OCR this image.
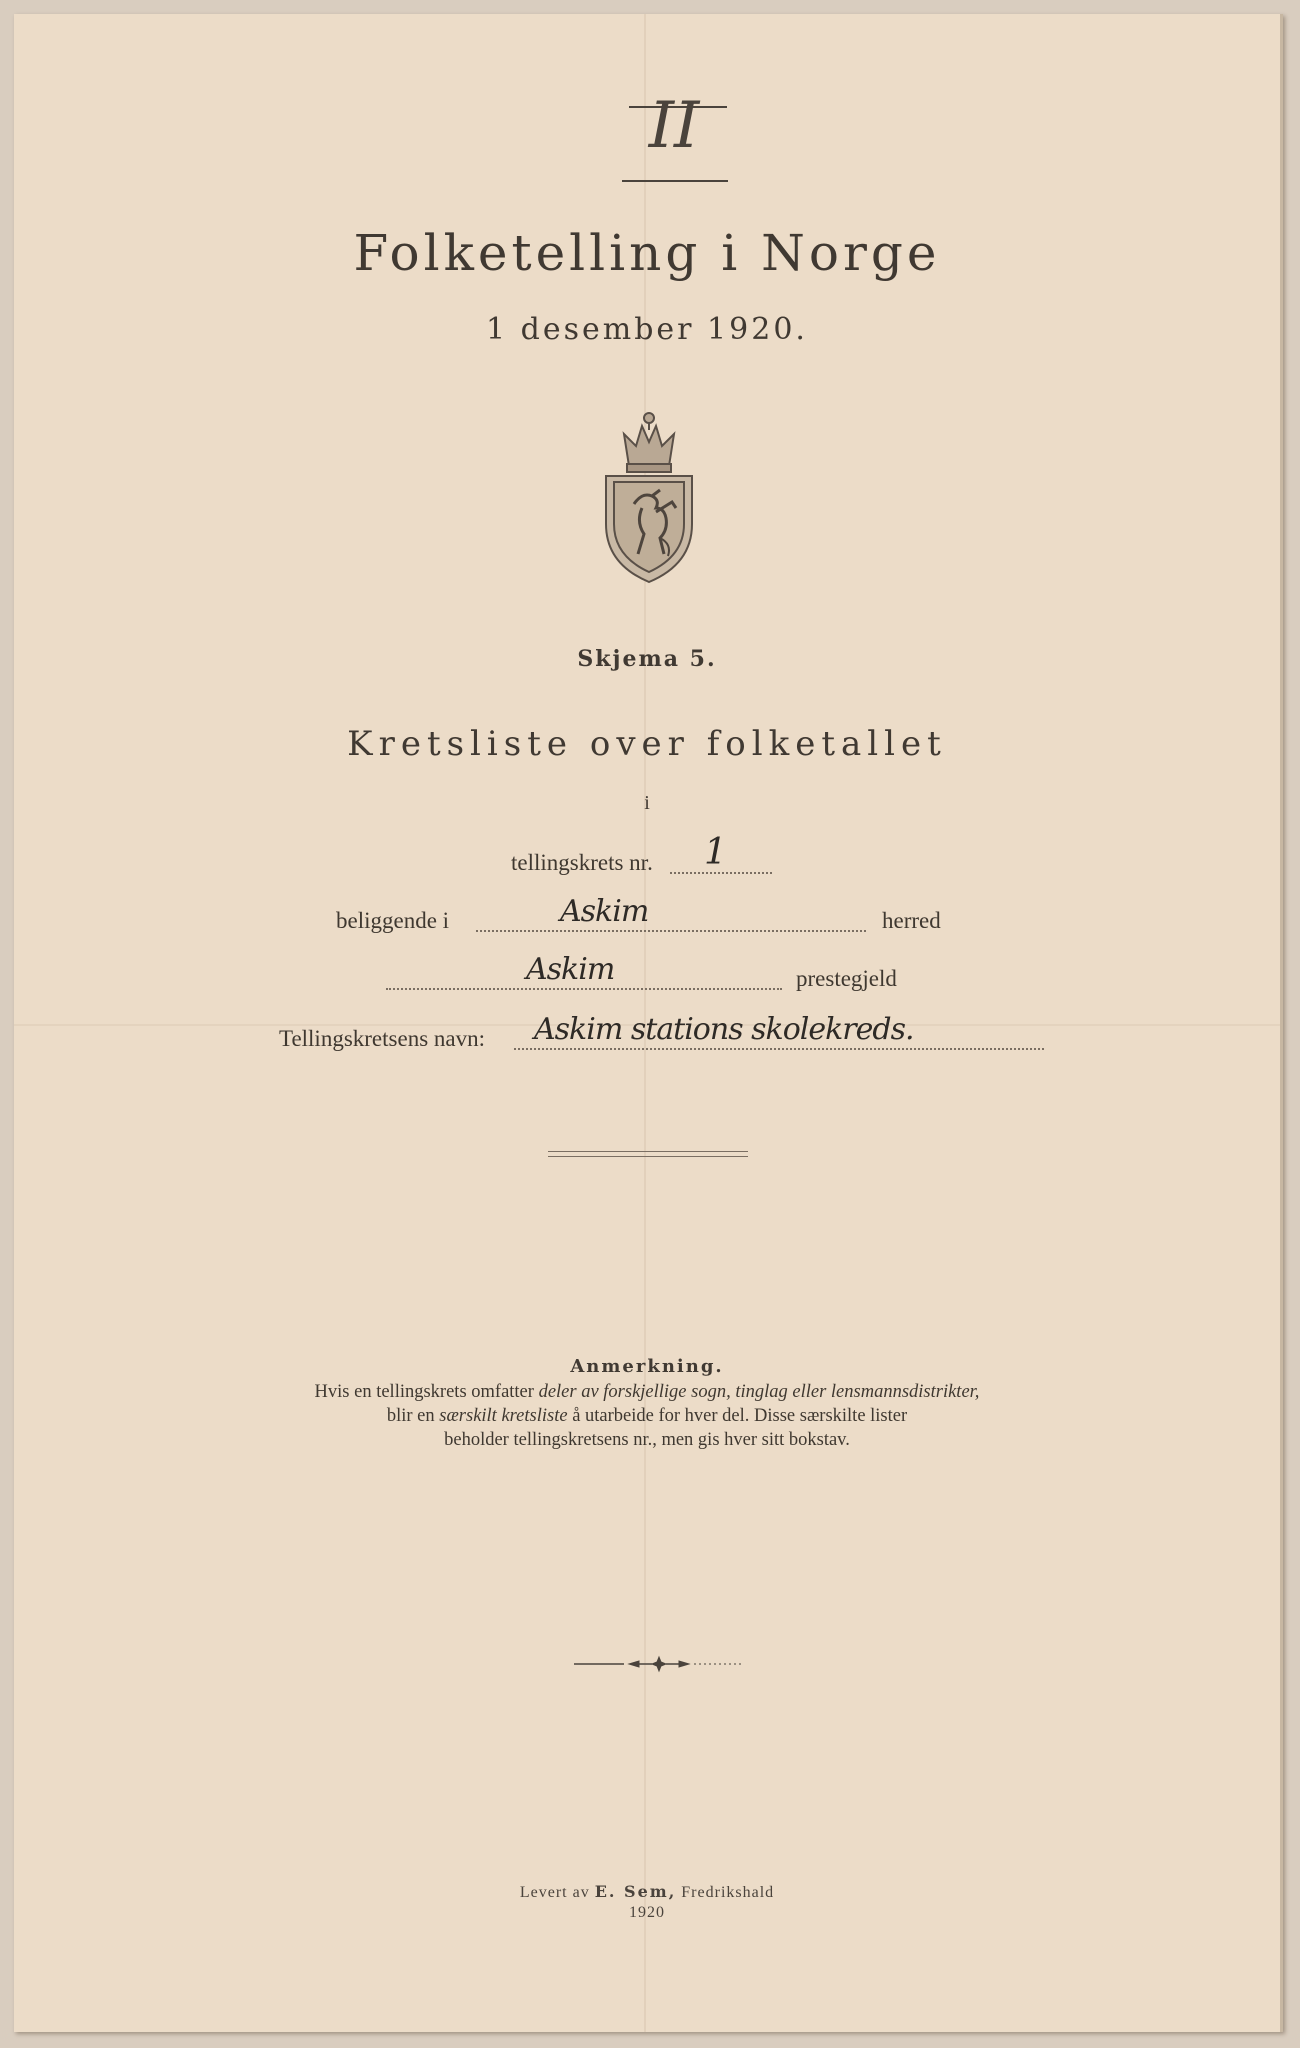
II
Folketelling i Norge
1 desember 1920.
Skjema 5.
Kretsliste over folketallet
i
tellingskrets nr. 1
beliggende i	Askim	herred
Askim	prestegjeld
Tellingskretsens navn: Askim stations skolekreds.
Anmerkning.
Hvis en tellingskrets omfatter deler av forskjellige sogn, tinglag eller lensmannsdistrikter,
blir en særskilt kretsliste å utarbeide for hver del. Disse særskilte lister
beholder tellingskretsens nr., men gis hver sitt bokstav.
Levert av E. Sem, Fredrikshald
1920
